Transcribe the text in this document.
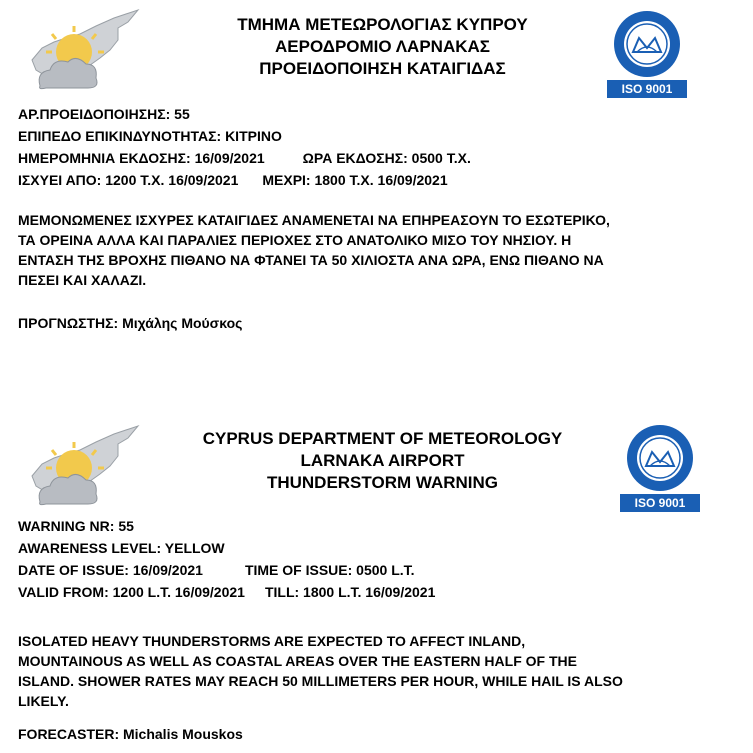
ΤΜΗΜΑ ΜΕΤΕΩΡΟΛΟΓΙΑΣ ΚΥΠΡΟΥ
ΑΕΡΟΔΡΟΜΙΟ ΛΑΡΝΑΚΑΣ
ΠΡΟΕΙΔΟΠΟΙΗΣΗ ΚΑΤΑΙΓΙΔΑΣ
ISO 9001
ΑΡ.ΠΡΟΕΙΔΟΠΟΙΗΣΗΣ: 55
ΕΠΙΠΕΔΟ ΕΠΙΚΙΝΔΥΝΟΤΗΤΑΣ: ΚΙΤΡΙΝΟ
ΗΜΕΡΟΜΗΝΙΑ ΕΚΔΟΣΗΣ: 16/09/2021	ΩΡΑ ΕΚΔΟΣΗΣ: 0500 Τ.Χ.
ΙΣΧΥΕΙ ΑΠΟ: 1200 Τ.Χ. 16/09/2021 ΜΕΧΡΙ: 1800 Τ.Χ. 16/09/2021
ΜΕΜΟΝΩΜΕΝΕΣ ΙΣΧΥΡΕΣ ΚΑΤΑΙΓΙΔΕΣ ΑΝΑΜΕΝΕΤΑΙ ΝΑ ΕΠΗΡΕΑΣΟΥΝ ΤΟ ΕΣΩΤΕΡΙΚΟ,
ΤΑ ΟΡΕΙΝΑ ΑΛΛΑ ΚΑΙ ΠΑΡΑΛΙΕΣ ΠΕΡΙΟΧΕΣ ΣΤΟ ΑΝΑΤΟΛΙΚΟ ΜΙΣΟ ΤΟΥ ΝΗΣΙΟΥ. Η
ΕΝΤΑΣΗ ΤΗΣ ΒΡΟΧΗΣ ΠΙΘΑΝΟ ΝΑ ΦΤΑΝΕΙ ΤΑ 50 ΧΙΛΙΟΣΤΑ ΑΝΑ ΩΡΑ, ΕΝΩ ΠΙΘΑΝΟ ΝΑ
ΠΕΣΕΙ ΚΑΙ ΧΑΛΑΖΙ.
ΠΡΟΓΝΩΣΤΗΣ: Μιχάλης Μούσκος
CYPRUS DEPARTMENT OF METEOROLOGY
LARNAKA AIRPORT
THUNDERSTORM WARNING
ISO 9001
WARNING NR: 55
AWARENESS LEVEL: YELLOW
DATE OF ISSUE: 16/09/2021	TIME OF ISSUE: 0500 L.T.
VALID FROM: 1200 L.T. 16/09/2021 TILL: 1800 L.T. 16/09/2021
ISOLATED HEAVY THUNDERSTORMS ARE EXPECTED TO AFFECT INLAND,
MOUNTAINOUS AS WELL AS COASTAL AREAS OVER THE EASTERN HALF OF THE
ISLAND. SHOWER RATES MAY REACH 50 MILLIMETERS PER HOUR, WHILE HAIL IS ALSO
LIKELY.
FORECASTER: Michalis Mouskos
